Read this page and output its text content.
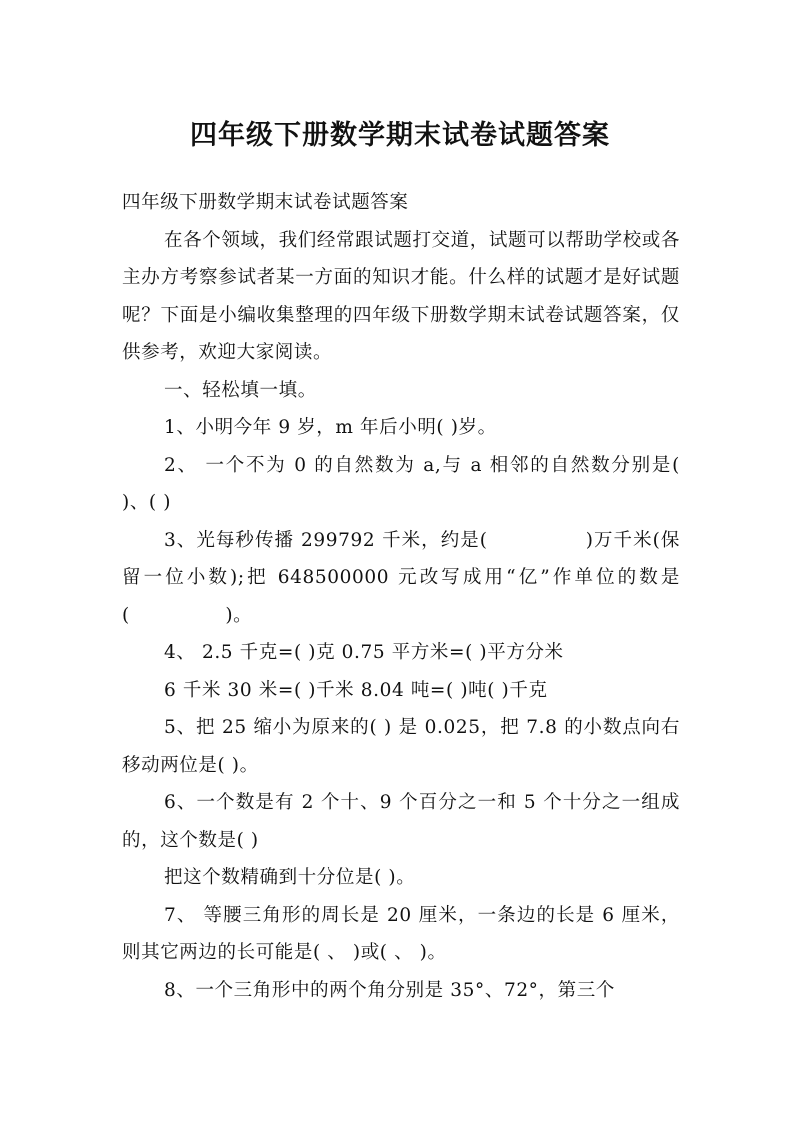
四年级下册数学期末试卷试题答案

四年级下册数学期末试卷试题答案

在各个领域，我们经常跟试题打交道，试题可以帮助学校或各主办方考察参试者某一方面的知识才能。什么样的试题才是好试题呢？下面是小编收集整理的四年级下册数学期末试卷试题答案，仅供参考，欢迎大家阅读。

一、轻松填一填。

1、小明今年 9 岁，m 年后小明( )岁。

2、 一个不为 0 的自然数为 a,与 a 相邻的自然数分别是( )、( )

3、光每秒传播 299792 千米，约是(　　　　　)万千米(保留一位小数);把 648500000 元改写成用“亿”作单位的数是(　　　　　)。

4、 2.5 千克=( )克 0.75 平方米=( )平方分米

6 千米 30 米=( )千米 8.04 吨=( )吨( )千克

5、把 25 缩小为原来的( ) 是 0.025，把 7.8 的小数点向右移动两位是( )。

6、一个数是有 2 个十、9 个百分之一和 5 个十分之一组成的，这个数是( )

把这个数精确到十分位是( )。

7、 等腰三角形的周长是 20 厘米，一条边的长是 6 厘米，则其它两边的长可能是( 、 )或( 、 )。

8、一个三角形中的两个角分别是 35°、72°，第三个
